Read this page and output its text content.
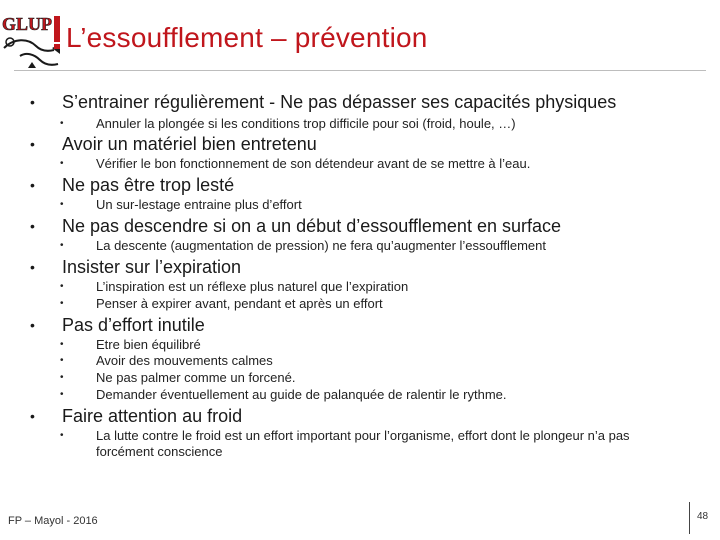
GLUP L’essoufflement – prévention
• S’entrainer régulièrement - Ne pas dépasser ses capacités physiques
• Annuler la plongée si les conditions trop difficile pour soi (froid, houle, …)
• Avoir un matériel bien entretenu
• Vérifier le bon fonctionnement de son détendeur avant de se mettre à l’eau.
• Ne pas être trop lesté
• Un sur-lestage entraine plus d’effort
• Ne pas descendre si on a un début d’essoufflement en surface
• La descente (augmentation de pression) ne fera qu’augmenter l’essoufflement
• Insister sur l’expiration
• L’inspiration est un réflexe plus naturel que l’expiration
• Penser à expirer avant, pendant et après un effort
• Pas d’effort inutile
• Etre bien équilibré
• Avoir des mouvements calmes
• Ne pas palmer comme un forcené.
• Demander éventuellement au guide de palanquée de ralentir le rythme.
• Faire attention au froid
• La lutte contre le froid est un effort important pour l’organisme, effort dont le plongeur n’a pas forcément conscience
FP – Mayol - 2016	48
